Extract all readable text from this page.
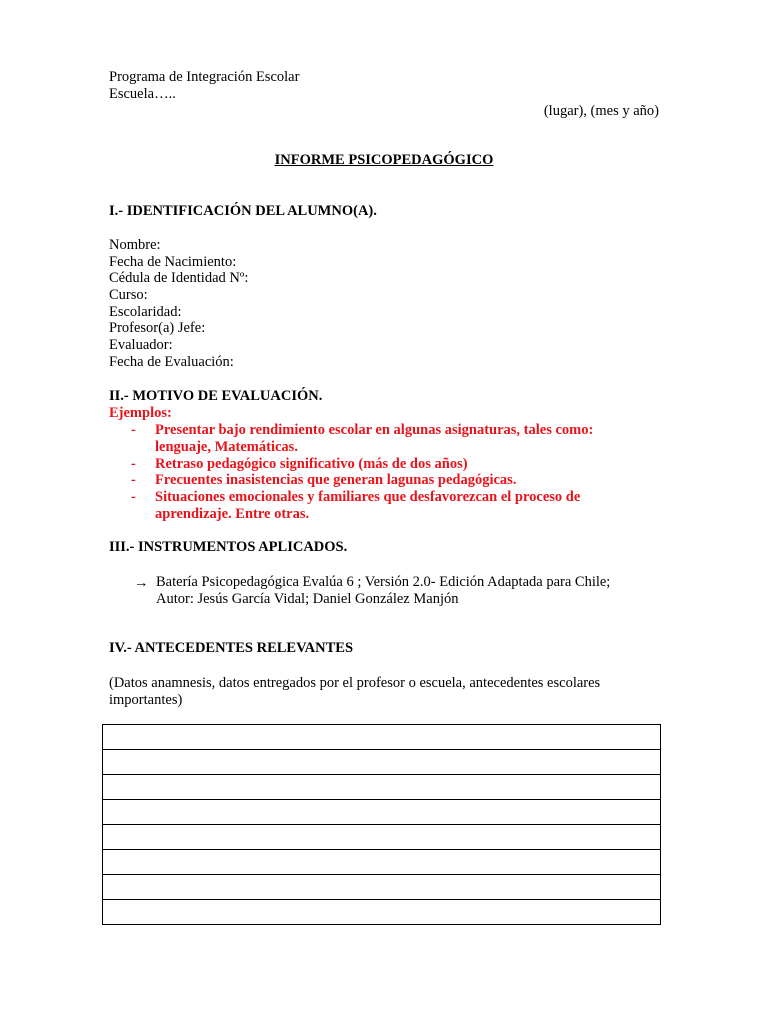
Programa de Integración Escolar
Escuela…..
(lugar), (mes y año)
INFORME PSICOPEDAGÓGICO
I.- IDENTIFICACIÓN DEL ALUMNO(A).
Nombre:
Fecha de Nacimiento:
Cédula de Identidad Nº:
Curso:
Escolaridad:
Profesor(a) Jefe:
Evaluador:
Fecha de Evaluación:
II.- MOTIVO DE EVALUACIÓN.
Ejemplos:
- Presentar bajo rendimiento escolar en algunas asignaturas, tales como:
lenguaje, Matemáticas.
- Retraso pedagógico significativo (más de dos años)
- Frecuentes inasistencias que generan lagunas pedagógicas.
- Situaciones emocionales y familiares que desfavorezcan el proceso de
aprendizaje. Entre otras.
III.- INSTRUMENTOS APLICADOS.
→ Batería Psicopedagógica Evalúa 6 ; Versión 2.0- Edición Adaptada para Chile;
Autor: Jesús García Vidal; Daniel González Manjón
IV.- ANTECEDENTES RELEVANTES
(Datos anamnesis, datos entregados por el profesor o escuela, antecedentes escolares
importantes)
